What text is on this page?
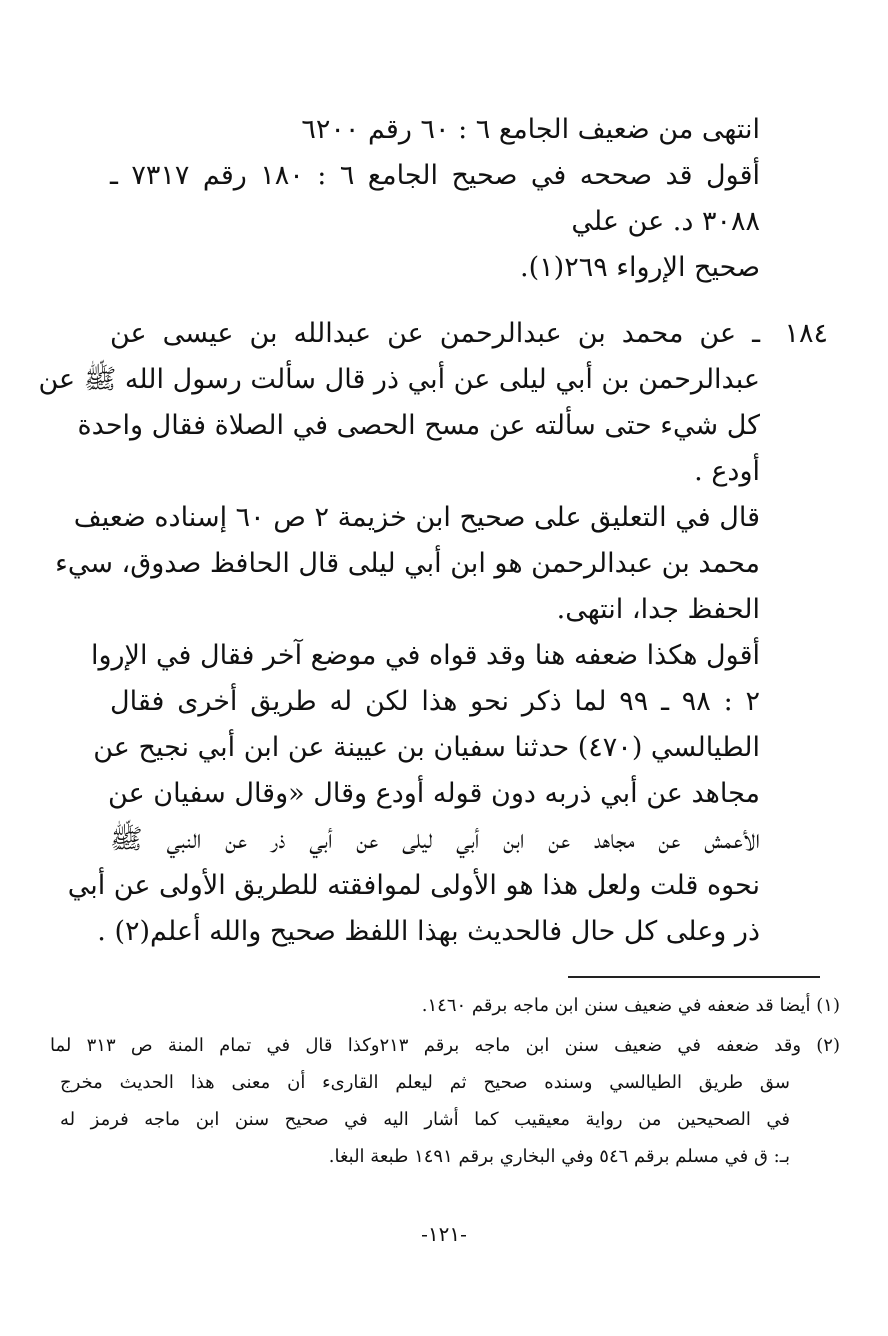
انتهى من ضعيف الجامع ٦ : ٦٠ رقم ٦٢٠٠
أقول قد صححه في صحيح الجامع ٦ : ١٨٠ رقم ٧٣١٧ ـ
٣٠٨٨ د. عن علي
صحيح الإرواء ٢٦٩(١).
١٨٤
ـ عن محمد بن عبدالرحمن عن عبدالله بن عيسى عن
عبدالرحمن بن أبي ليلى عن أبي ذر قال سألت رسول الله ﷺ عن
كل شيء حتى سألته عن مسح الحصى في الصلاة فقال واحدة
أودع .
قال في التعليق على صحيح ابن خزيمة ٢ ص ٦٠ إسناده ضعيف
محمد بن عبدالرحمن هو ابن أبي ليلى قال الحافظ صدوق، سيء
الحفظ جدا، انتهى.
أقول هكذا ضعفه هنا وقد قواه في موضع آخر فقال في الإروا
٢ : ٩٨ ـ ٩٩ لما ذكر نحو هذا لكن له طريق أخرى فقال
الطيالسي (٤٧٠) حدثنا سفيان بن عيينة عن ابن أبي نجيح عن
مجاهد عن أبي ذربه دون قوله أودع وقال «وقال سفيان عن
الأعمش عن مجاهد عن ابن أبي ليلى عن أبي ذر عن النبي ﷺ
نحوه قلت ولعل هذا هو الأولى لموافقته للطريق الأولى عن أبي
ذر وعلى كل حال فالحديث بهذا اللفظ صحيح والله أعلم(٢) .
(١) أيضا قد ضعفه في ضعيف سنن ابن ماجه برقم ١٤٦٠.
(٢) وقد ضعفه في ضعيف سنن ابن ماجه برقم ٢١٣وكذا قال في تمام المنة ص ٣١٣ لما
سق طريق الطيالسي وسنده صحيح ثم ليعلم القارىء أن معنى هذا الحديث مخرج
في الصحيحين من رواية معيقيب كما أشار اليه في صحيح سنن ابن ماجه فرمز له
بـ: ق في مسلم برقم ٥٤٦ وفي البخاري برقم ١٤٩١ طبعة البغا.
-١٢١-
